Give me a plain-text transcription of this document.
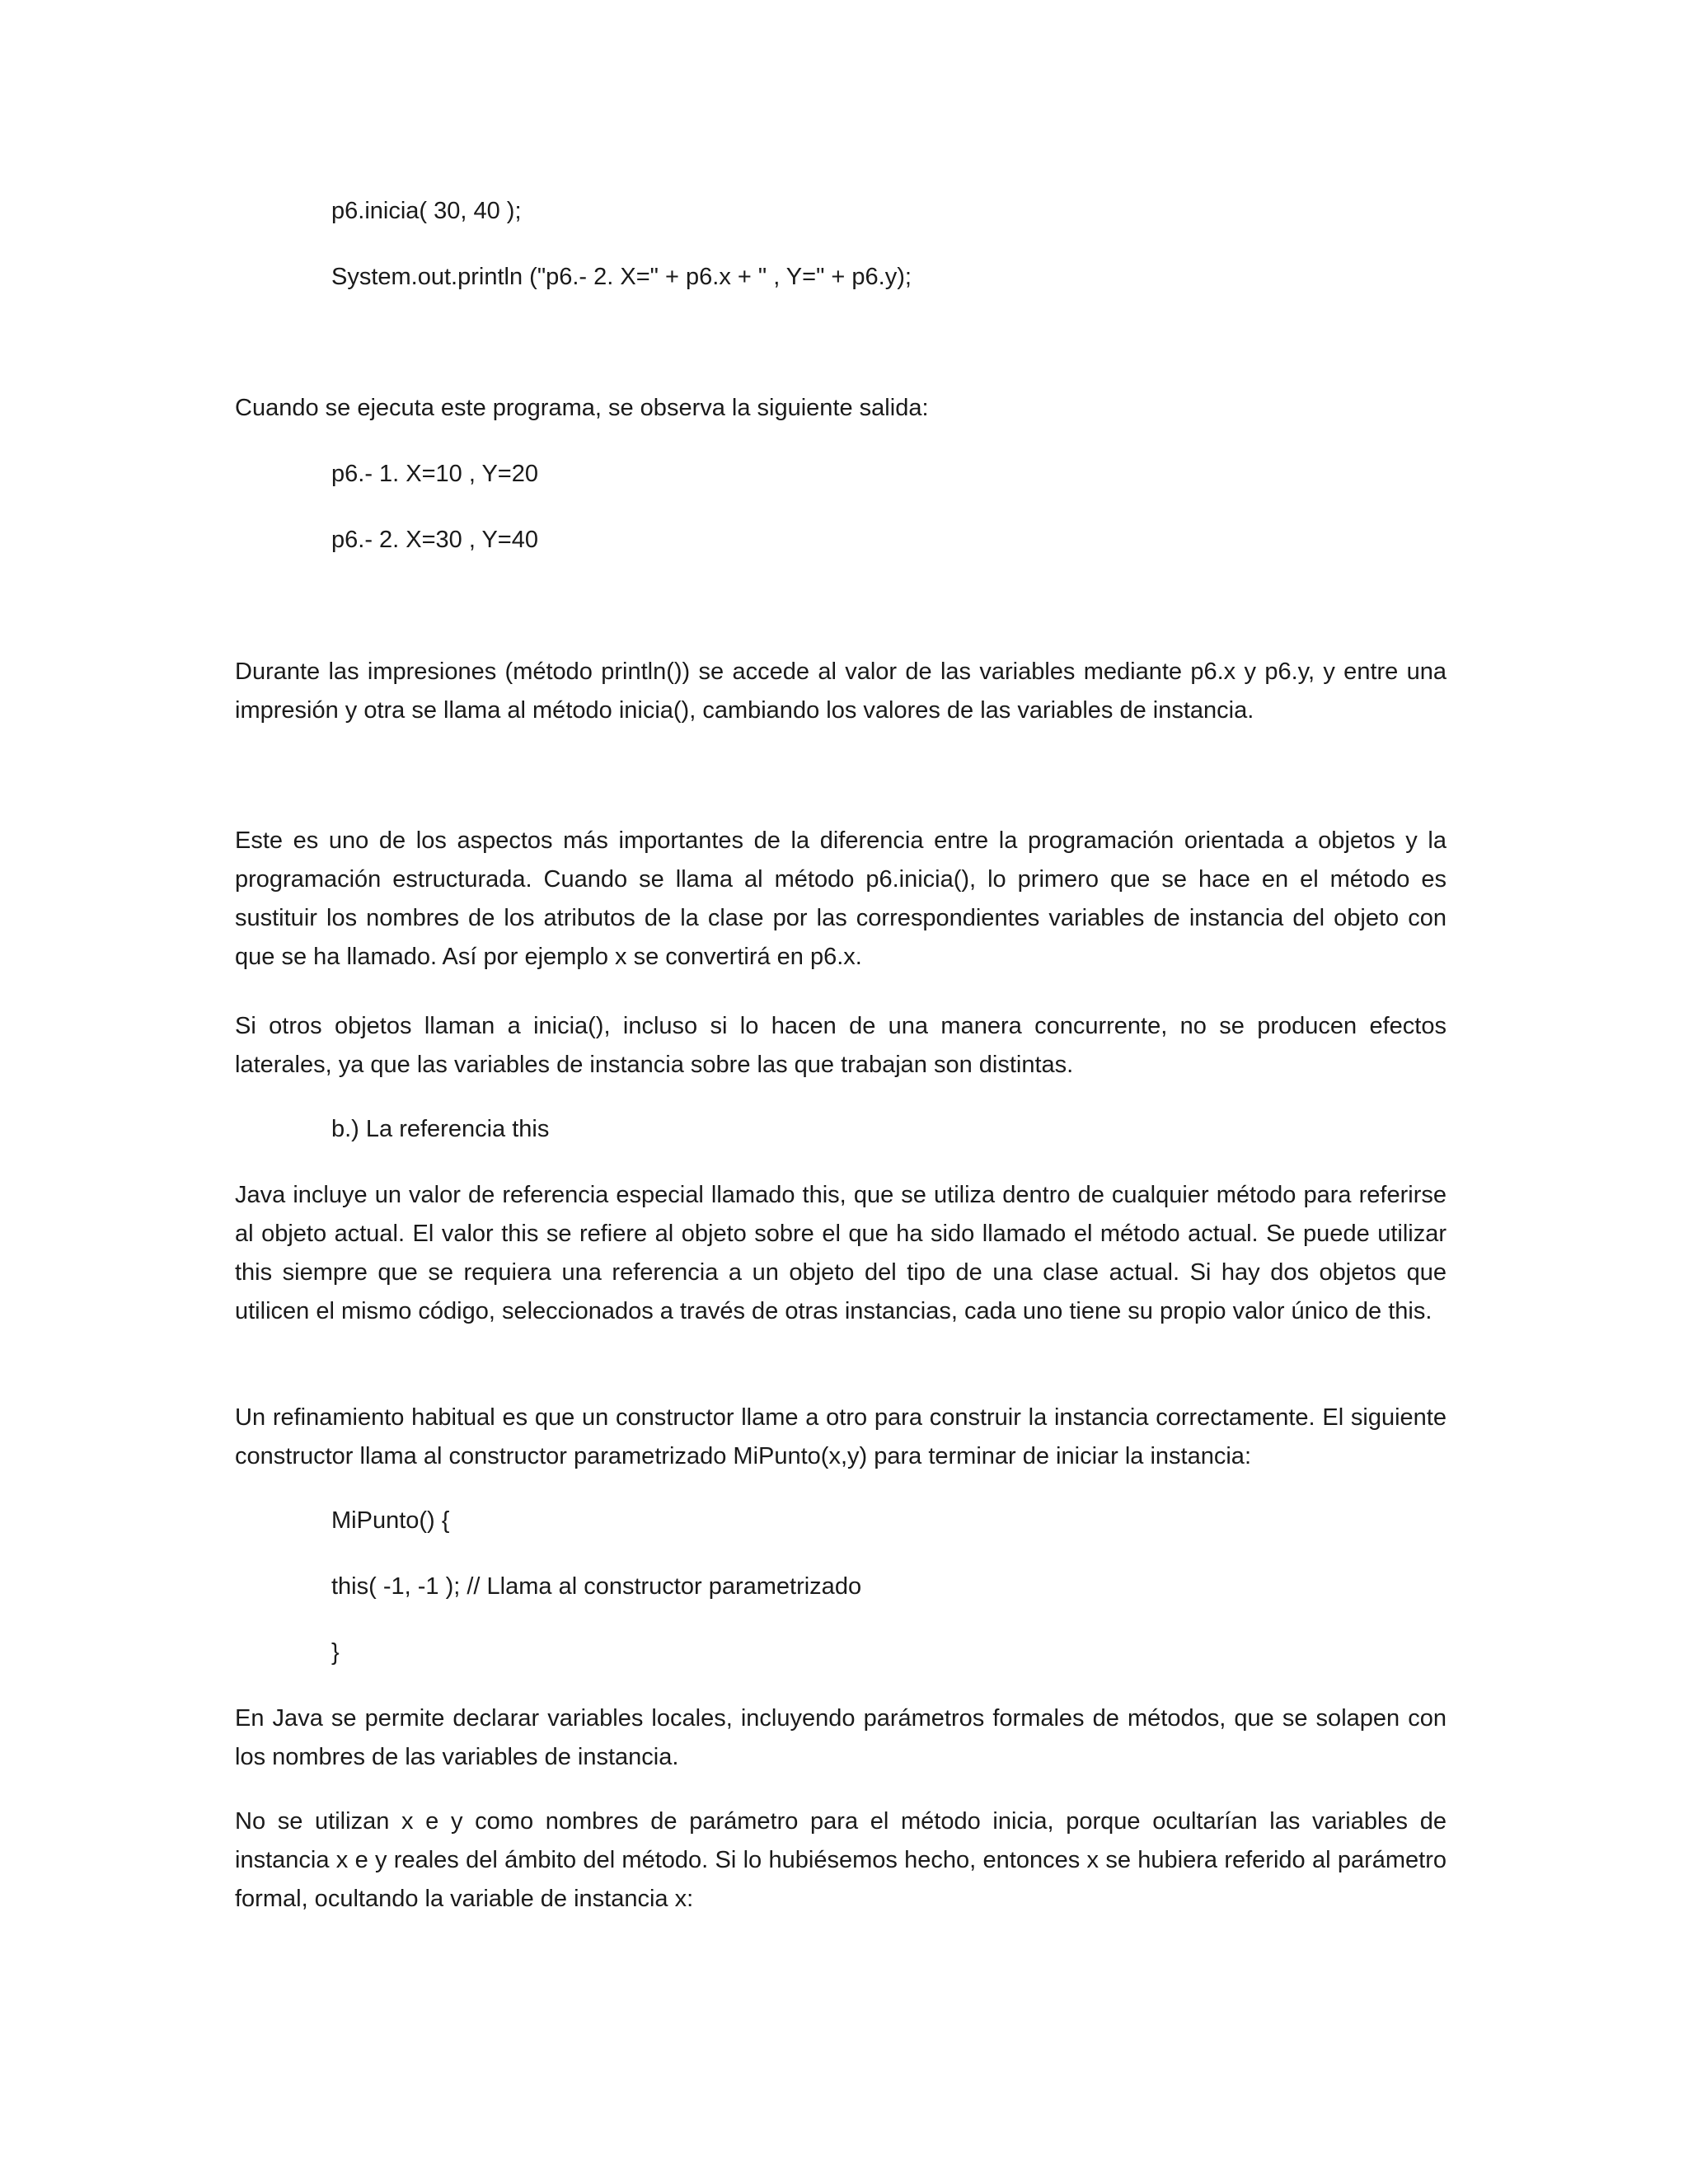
p6.inicia( 30, 40 );

System.out.println ("p6.- 2. X=" + p6.x + " , Y=" + p6.y);

Cuando se ejecuta este programa, se observa la siguiente salida:

p6.- 1. X=10 , Y=20

p6.- 2. X=30 , Y=40

Durante las impresiones (método println()) se accede al valor de las variables mediante p6.x y p6.y, y entre una impresión y otra se llama al método inicia(), cambiando los valores de las variables de instancia.

Este es uno de los aspectos más importantes de la diferencia entre la programación orientada a objetos y la programación estructurada. Cuando se llama al método p6.inicia(), lo primero que se hace en el método es sustituir los nombres de los atributos de la clase por las correspondientes variables de instancia del objeto con que se ha llamado. Así por ejemplo x se convertirá en p6.x.

Si otros objetos llaman a inicia(), incluso si lo hacen de una manera concurrente, no se producen efectos laterales, ya que las variables de instancia sobre las que trabajan son distintas.

b.) La referencia this

Java incluye un valor de referencia especial llamado this, que se utiliza dentro de cualquier método para referirse al objeto actual. El valor this se refiere al objeto sobre el que ha sido llamado el método actual. Se puede utilizar this siempre que se requiera una referencia a un objeto del tipo de una clase actual. Si hay dos objetos que utilicen el mismo código, seleccionados a través de otras instancias, cada uno tiene su propio valor único de this.

Un refinamiento habitual es que un constructor llame a otro para construir la instancia correctamente. El siguiente constructor llama al constructor parametrizado MiPunto(x,y) para terminar de iniciar la instancia:

MiPunto() {

this( -1, -1 ); // Llama al constructor parametrizado

}

En Java se permite declarar variables locales, incluyendo parámetros formales de métodos, que se solapen con los nombres de las variables de instancia.

No se utilizan x e y como nombres de parámetro para el método inicia, porque ocultarían las variables de instancia x e y reales del ámbito del método. Si lo hubiésemos hecho, entonces x se hubiera referido al parámetro formal, ocultando la variable de instancia x:
